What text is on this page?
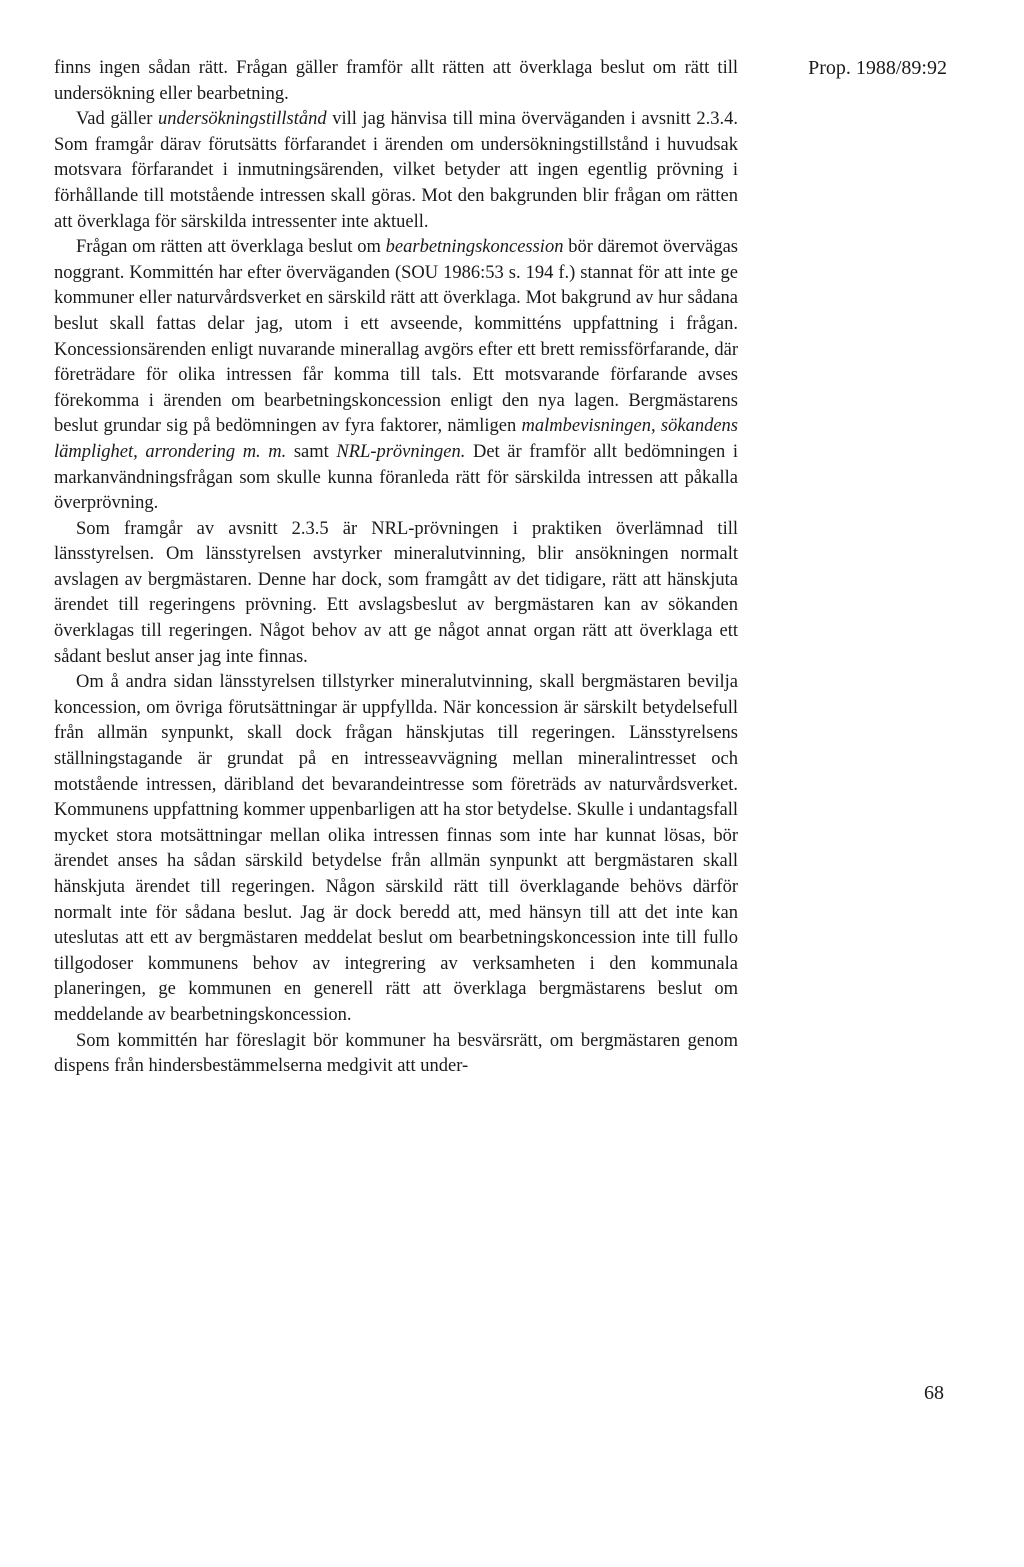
Prop. 1988/89:92

finns ingen sådan rätt. Frågan gäller framför allt rätten att överklaga beslut om rätt till undersökning eller bearbetning.

Vad gäller undersökningstillstånd vill jag hänvisa till mina överväganden i avsnitt 2.3.4. Som framgår därav förutsätts förfarandet i ärenden om undersökningstillstånd i huvudsak motsvara förfarandet i inmutningsärenden, vilket betyder att ingen egentlig prövning i förhållande till motstående intressen skall göras. Mot den bakgrunden blir frågan om rätten att överklaga för särskilda intressenter inte aktuell.

Frågan om rätten att överklaga beslut om bearbetningskoncession bör däremot övervägas noggrant. Kommittén har efter överväganden (SOU 1986:53 s. 194 f.) stannat för att inte ge kommuner eller naturvårdsverket en särskild rätt att överklaga. Mot bakgrund av hur sådana beslut skall fattas delar jag, utom i ett avseende, kommitténs uppfattning i frågan. Koncessionsärenden enligt nuvarande minerallag avgörs efter ett brett remissförfarande, där företrädare för olika intressen får komma till tals. Ett motsvarande förfarande avses förekomma i ärenden om bearbetningskoncession enligt den nya lagen. Bergmästarens beslut grundar sig på bedömningen av fyra faktorer, nämligen malmbevisningen, sökandens lämplighet, arrondering m. m. samt NRL-prövningen. Det är framför allt bedömningen i markanvändningsfrågan som skulle kunna föranleda rätt för särskilda intressen att påkalla överprövning.

Som framgår av avsnitt 2.3.5 är NRL-prövningen i praktiken överlämnad till länsstyrelsen. Om länsstyrelsen avstyrker mineralutvinning, blir ansökningen normalt avslagen av bergmästaren. Denne har dock, som framgått av det tidigare, rätt att hänskjuta ärendet till regeringens prövning. Ett avslagsbeslut av bergmästaren kan av sökanden överklagas till regeringen. Något behov av att ge något annat organ rätt att överklaga ett sådant beslut anser jag inte finnas.

Om å andra sidan länsstyrelsen tillstyrker mineralutvinning, skall bergmästaren bevilja koncession, om övriga förutsättningar är uppfyllda. När koncession är särskilt betydelsefull från allmän synpunkt, skall dock frågan hänskjutas till regeringen. Länsstyrelsens ställningstagande är grundat på en intresseavvägning mellan mineralintresset och motstående intressen, däribland det bevarandeintresse som företräds av naturvårdsverket. Kommunens uppfattning kommer uppenbarligen att ha stor betydelse. Skulle i undantagsfall mycket stora motsättningar mellan olika intressen finnas som inte har kunnat lösas, bör ärendet anses ha sådan särskild betydelse från allmän synpunkt att bergmästaren skall hänskjuta ärendet till regeringen. Någon särskild rätt till överklagande behövs därför normalt inte för sådana beslut. Jag är dock beredd att, med hänsyn till att det inte kan uteslutas att ett av bergmästaren meddelat beslut om bearbetningskoncession inte till fullo tillgodoser kommunens behov av integrering av verksamheten i den kommunala planeringen, ge kommunen en generell rätt att överklaga bergmästarens beslut om meddelande av bearbetningskoncession.

Som kommittén har föreslagit bör kommuner ha besvärsrätt, om bergmästaren genom dispens från hindersbestämmelserna medgivit att under-

68
